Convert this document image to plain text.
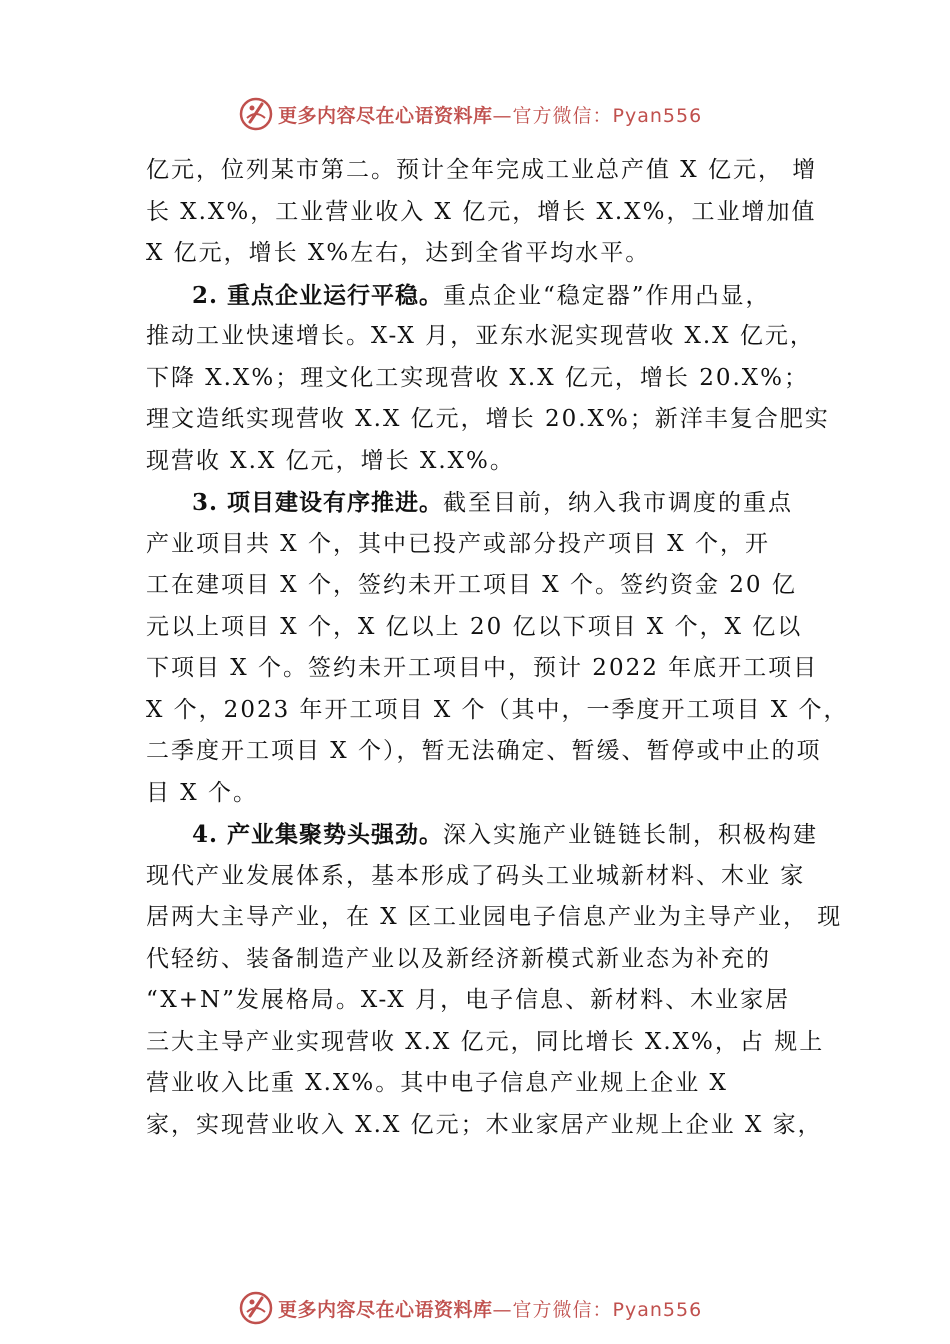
更多内容尽在心语资料库 —官方微信：Pyan556
亿元，位列某市第二。预计全年完成工业总产值 X 亿元， 增
长 X.X%，工业营业收入 X 亿元，增长 X.X%，工业增加值
X 亿元，增长 X%左右，达到全省平均水平。
2. 重点企业运行平稳。重点企业“稳定器”作用凸显，
推动工业快速增长。X-X 月，亚东水泥实现营收 X.X 亿元，
下降 X.X%；理文化工实现营收 X.X 亿元，增长 20.X%；
理文造纸实现营收 X.X 亿元，增长 20.X%；新洋丰复合肥实
现营收 X.X 亿元，增长 X.X%。
3. 项目建设有序推进。截至目前，纳入我市调度的重点
产业项目共 X 个，其中已投产或部分投产项目 X 个，开
工在建项目 X 个，签约未开工项目 X 个。签约资金 20 亿
元以上项目 X 个，X 亿以上 20 亿以下项目 X 个，X 亿以
下项目 X 个。签约未开工项目中，预计 2022 年底开工项目
X 个，2023 年开工项目 X 个（其中，一季度开工项目 X 个，
二季度开工项目 X 个），暂无法确定、暂缓、暂停或中止的项
目 X 个。
4. 产业集聚势头强劲。深入实施产业链链长制，积极构建
现代产业发展体系，基本形成了码头工业城新材料、木业 家
居两大主导产业，在 X 区工业园电子信息产业为主导产业， 现
代轻纺、装备制造产业以及新经济新模式新业态为补充的
“X+N”发展格局。X-X 月，电子信息、新材料、木业家居
三大主导产业实现营收 X.X 亿元，同比增长 X.X%，占 规上
营业收入比重 X.X%。其中电子信息产业规上企业 X
家，实现营业收入 X.X 亿元；木业家居产业规上企业 X 家，
更多内容尽在心语资料库 —官方微信：Pyan556
